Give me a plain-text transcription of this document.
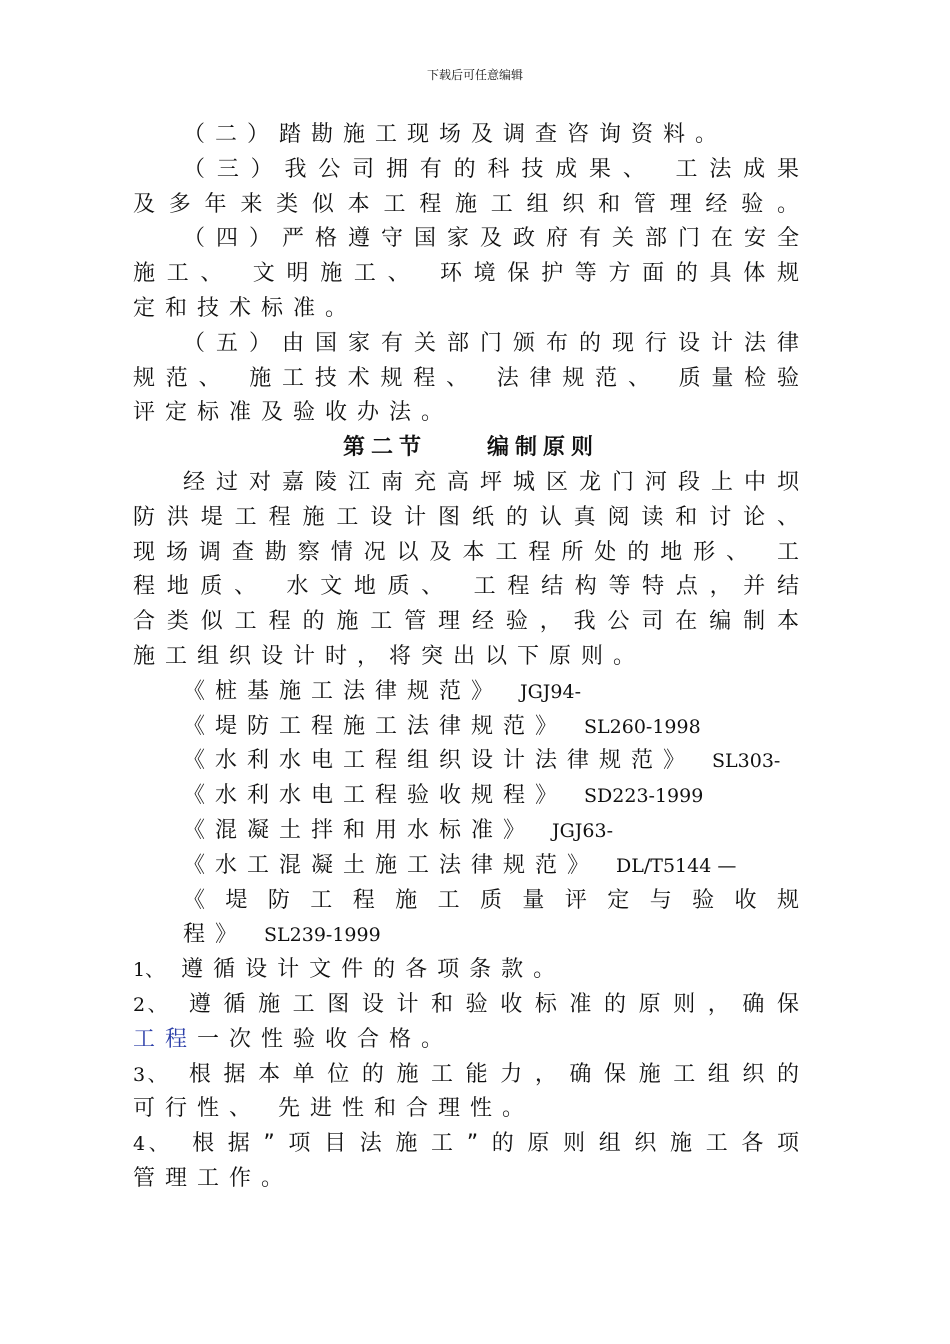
下载后可任意编辑
（二）踏勘施工现场及调查咨询资料。
（三）我公司拥有的科技成果、 工法成果
及多年来类似本工程施工组织和管理经验。
（四）严格遵守国家及政府有关部门在安全
施工、 文明施工、 环境保护等方面的具体规
定和技术标准。
（五）由国家有关部门颁布的现行设计法律
规范、 施工技术规程、 法律规范、 质量检验
评定标准及验收办法。
第二节	编制原则
经过对嘉陵江南充高坪城区龙门河段上中坝
防洪堤工程施工设计图纸的认真阅读和讨论、
现场调查勘察情况以及本工程所处的地形、 工
程地质、 水文地质、 工程结构等特点，并结
合类似工程的施工管理经验，我公司在编制本
施工组织设计时，将突出以下原则。
《桩基施工法律规范》 JGJ94-
《堤防工程施工法律规范》 SL260-1998
《水利水电工程组织设计法律规范》 SL303-
《水利水电工程验收规程》 SD223-1999
《混凝土拌和用水标准》 JGJ63-
《水工混凝土施工法律规范》 DL/T5144 —
《堤防工程施工质量评定与验收规
程》 SL239-1999
1、 遵循设计文件的各项条款。
2、 遵循施工图设计和验收标准的原则，确保
工程一次性验收合格。
3、 根据本单位的施工能力，确保施工组织的
可行性、 先进性和合理性。
4、 根据”项目法施工”的原则组织施工各项
管理工作。
